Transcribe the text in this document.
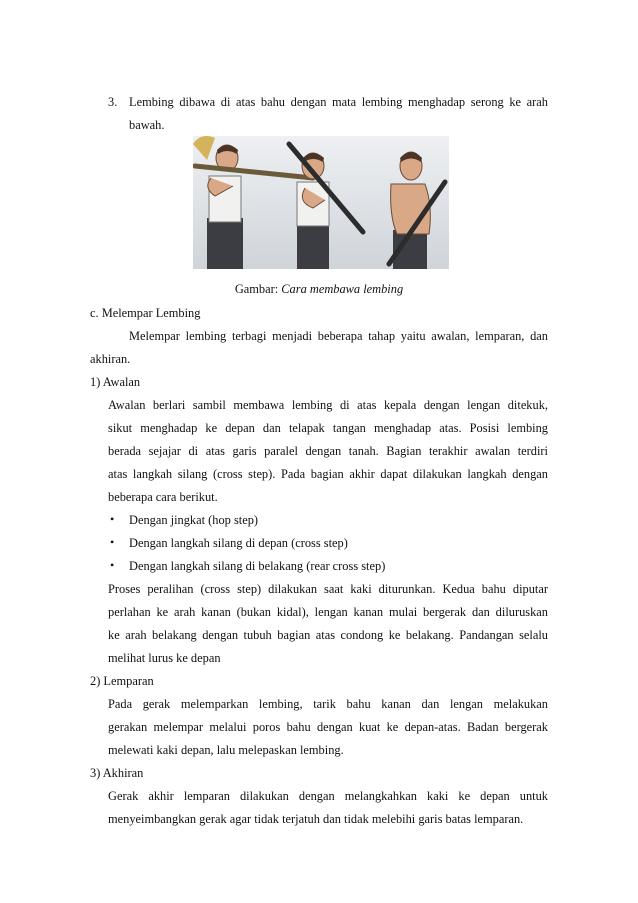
3. Lembing dibawa di atas bahu dengan mata lembing menghadap serong ke arah
bawah.
Gambar: Cara membawa lembing
c. Melempar Lembing
Melempar lembing terbagi menjadi beberapa tahap yaitu awalan, lemparan, dan
akhiran.
1) Awalan
Awalan berlari sambil membawa lembing di atas kepala dengan lengan ditekuk,
sikut menghadap ke depan dan telapak tangan menghadap atas. Posisi lembing
berada sejajar di atas garis paralel dengan tanah. Bagian terakhir awalan terdiri
atas langkah silang (cross step). Pada bagian akhir dapat dilakukan langkah dengan
beberapa cara berikut.
• Dengan jingkat (hop step)
• Dengan langkah silang di depan (cross step)
• Dengan langkah silang di belakang (rear cross step)
Proses peralihan (cross step) dilakukan saat kaki diturunkan. Kedua bahu diputar
perlahan ke arah kanan (bukan kidal), lengan kanan mulai bergerak dan diluruskan
ke arah belakang dengan tubuh bagian atas condong ke belakang. Pandangan selalu
melihat lurus ke depan
2) Lemparan
Pada gerak melemparkan lembing, tarik bahu kanan dan lengan melakukan
gerakan melempar melalui poros bahu dengan kuat ke depan-atas. Badan bergerak
melewati kaki depan, lalu melepaskan lembing.
3) Akhiran
Gerak akhir lemparan dilakukan dengan melangkahkan kaki ke depan untuk
menyeimbangkan gerak agar tidak terjatuh dan tidak melebihi garis batas lemparan.
